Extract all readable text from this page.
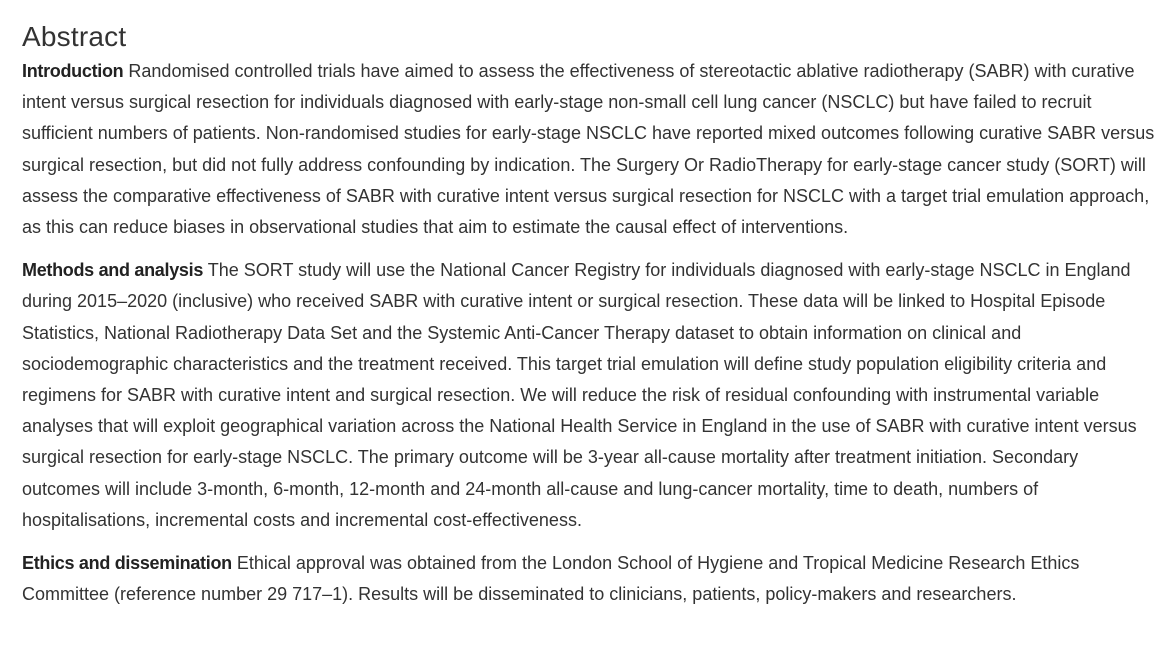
Abstract

Introduction Randomised controlled trials have aimed to assess the effectiveness of stereotactic ablative radiotherapy (SABR) with curative intent versus surgical resection for individuals diagnosed with early-stage non-small cell lung cancer (NSCLC) but have failed to recruit sufficient numbers of patients. Non-randomised studies for early-stage NSCLC have reported mixed outcomes following curative SABR versus surgical resection, but did not fully address confounding by indication. The Surgery Or RadioTherapy for early-stage cancer study (SORT) will assess the comparative effectiveness of SABR with curative intent versus surgical resection for NSCLC with a target trial emulation approach, as this can reduce biases in observational studies that aim to estimate the causal effect of interventions.

Methods and analysis The SORT study will use the National Cancer Registry for individuals diagnosed with early-stage NSCLC in England during 2015–2020 (inclusive) who received SABR with curative intent or surgical resection. These data will be linked to Hospital Episode Statistics, National Radiotherapy Data Set and the Systemic Anti-Cancer Therapy dataset to obtain information on clinical and sociodemographic characteristics and the treatment received. This target trial emulation will define study population eligibility criteria and regimens for SABR with curative intent and surgical resection. We will reduce the risk of residual confounding with instrumental variable analyses that will exploit geographical variation across the National Health Service in England in the use of SABR with curative intent versus surgical resection for early-stage NSCLC. The primary outcome will be 3-year all-cause mortality after treatment initiation. Secondary outcomes will include 3-month, 6-month, 12-month and 24-month all-cause and lung-cancer mortality, time to death, numbers of hospitalisations, incremental costs and incremental cost-effectiveness.

Ethics and dissemination Ethical approval was obtained from the London School of Hygiene and Tropical Medicine Research Ethics Committee (reference number 29 717–1). Results will be disseminated to clinicians, patients, policy-makers and researchers.
